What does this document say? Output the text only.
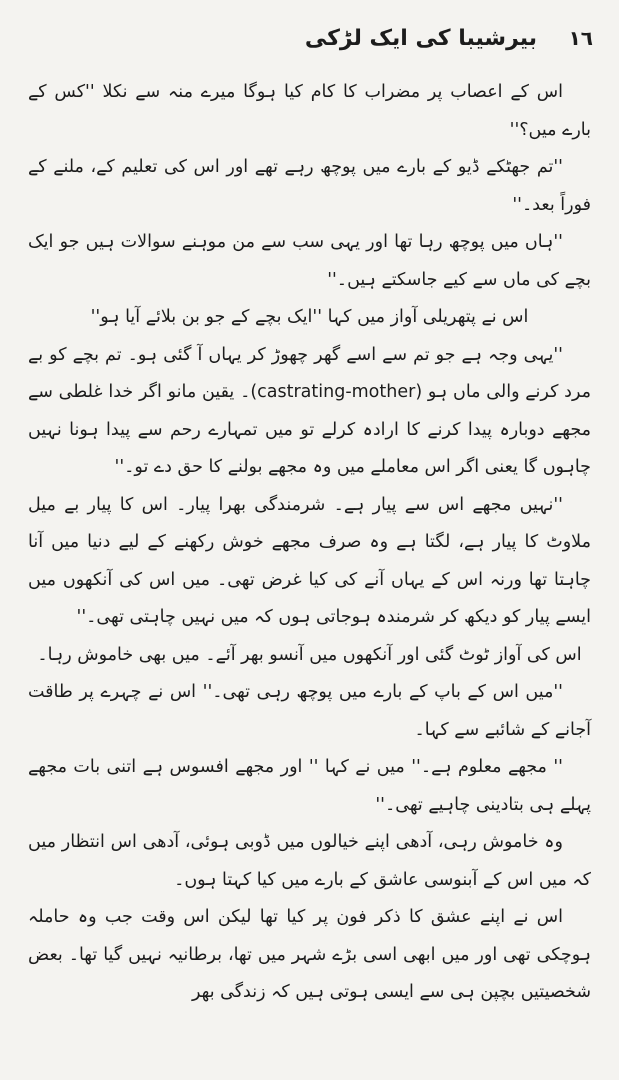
١٦
بیرشیبا کی ایک لڑکی

اس کے اعصاب پر مضراب کا کام کیا ہوگا میرے منہ سے نکلا ''کس کے بارے میں؟''

''تم جھٹکے ڈیو کے بارے میں پوچھ رہے تھے اور اس کی تعلیم کے، ملنے کے فوراً بعد۔''

''ہاں میں پوچھ رہا تھا اور یہی سب سے من موہنے سوالات ہیں جو ایک بچے کی ماں سے کیے جاسکتے ہیں۔''

اس نے پتھریلی آواز میں کہا ''ایک بچے کے جو بن بلائے آیا ہو''

''یہی وجہ ہے جو تم سے اسے گھر چھوڑ کر یہاں آ گئی ہو۔ تم بچے کو بے مرد کرنے والی ماں ہو (castrating-mother)۔ یقین مانو اگر خدا غلطی سے مجھے دوبارہ پیدا کرنے کا ارادہ کرلے تو میں تمہارے رحم سے پیدا ہونا نہیں چاہوں گا یعنی اگر اس معاملے میں وہ مجھے بولنے کا حق دے تو۔''

''نہیں مجھے اس سے پیار ہے۔ شرمندگی بھرا پیار۔ اس کا پیار بے میل ملاوٹ کا پیار ہے، لگتا ہے وہ صرف مجھے خوش رکھنے کے لیے دنیا میں آنا چاہتا تھا ورنہ اس کے یہاں آنے کی کیا غرض تھی۔ میں اس کی آنکھوں میں ایسے پیار کو دیکھ کر شرمندہ ہوجاتی ہوں کہ میں نہیں چاہتی تھی۔''

اس کی آواز ٹوٹ گئی اور آنکھوں میں آنسو بھر آئے۔ میں بھی خاموش رہا۔

''میں اس کے باپ کے بارے میں پوچھ رہی تھی۔'' اس نے چہرے پر طاقت آجانے کے شائبے سے کہا۔

'' مجھے معلوم ہے۔'' میں نے کہا '' اور مجھے افسوس ہے اتنی بات مجھے پہلے ہی بتادینی چاہیے تھی۔''

وہ خاموش رہی، آدھی اپنے خیالوں میں ڈوبی ہوئی، آدھی اس انتظار میں کہ میں اس کے آبنوسی عاشق کے بارے میں کیا کہتا ہوں۔

اس نے اپنے عشق کا ذکر فون پر کیا تھا لیکن اس وقت جب وہ حاملہ ہوچکی تھی اور میں ابھی اسی بڑے شہر میں تھا، برطانیہ نہیں گیا تھا۔ بعض شخصیتیں بچپن ہی سے ایسی ہوتی ہیں کہ زندگی بھر
